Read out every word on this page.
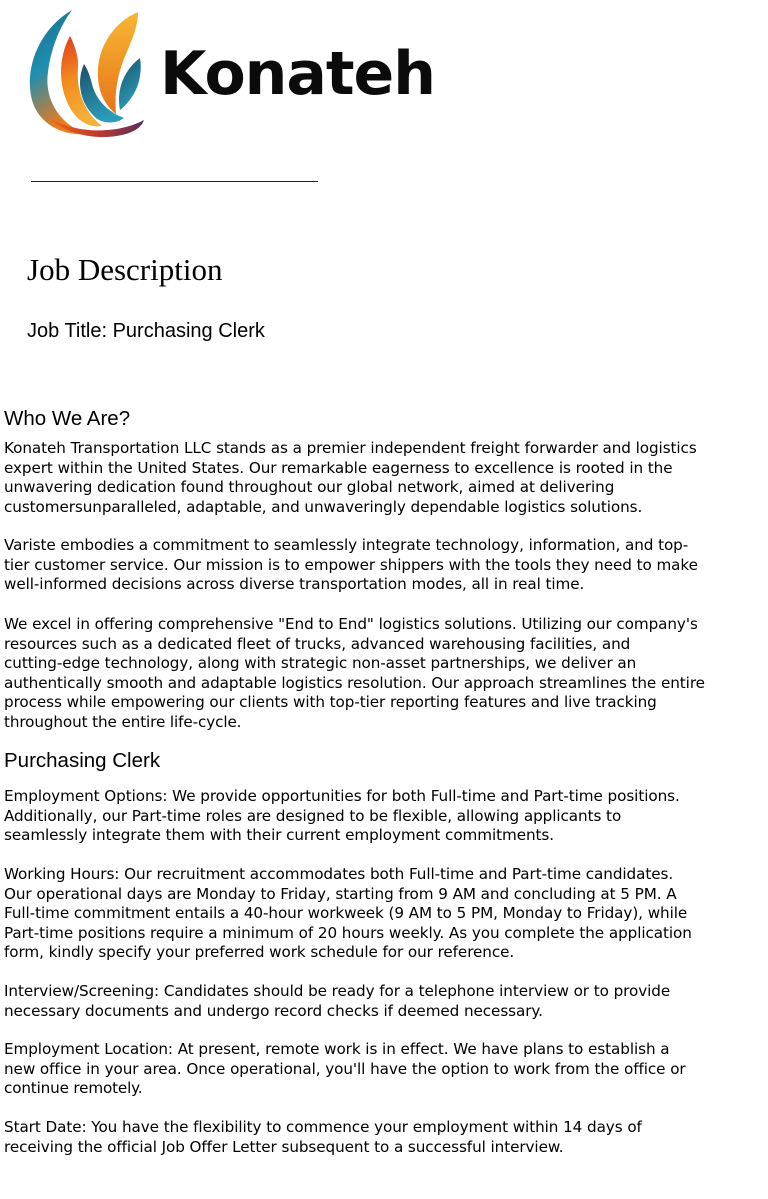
Konateh
Job Description
Job Title: Purchasing Clerk
Who We Are?
Konateh Transportation LLC stands as a premier independent freight forwarder and logistics
expert within the United States. Our remarkable eagerness to excellence is rooted in the
unwavering dedication found throughout our global network, aimed at delivering
customersunparalleled, adaptable, and unwaveringly dependable logistics solutions.
Variste embodies a commitment to seamlessly integrate technology, information, and top-
tier customer service. Our mission is to empower shippers with the tools they need to make
well-informed decisions across diverse transportation modes, all in real time.
We excel in offering comprehensive "End to End" logistics solutions. Utilizing our company's
resources such as a dedicated fleet of trucks, advanced warehousing facilities, and
cutting-edge technology, along with strategic non-asset partnerships, we deliver an
authentically smooth and adaptable logistics resolution. Our approach streamlines the entire
process while empowering our clients with top-tier reporting features and live tracking
throughout the entire life-cycle.
Purchasing Clerk
Employment Options: We provide opportunities for both Full-time and Part-time positions.
Additionally, our Part-time roles are designed to be flexible, allowing applicants to
seamlessly integrate them with their current employment commitments.
Working Hours: Our recruitment accommodates both Full-time and Part-time candidates.
Our operational days are Monday to Friday, starting from 9 AM and concluding at 5 PM. A
Full-time commitment entails a 40-hour workweek (9 AM to 5 PM, Monday to Friday), while
Part-time positions require a minimum of 20 hours weekly. As you complete the application
form, kindly specify your preferred work schedule for our reference.
Interview/Screening: Candidates should be ready for a telephone interview or to provide
necessary documents and undergo record checks if deemed necessary.
Employment Location: At present, remote work is in effect. We have plans to establish a
new office in your area. Once operational, you'll have the option to work from the office or
continue remotely.
Start Date: You have the flexibility to commence your employment within 14 days of
receiving the official Job Offer Letter subsequent to a successful interview.
